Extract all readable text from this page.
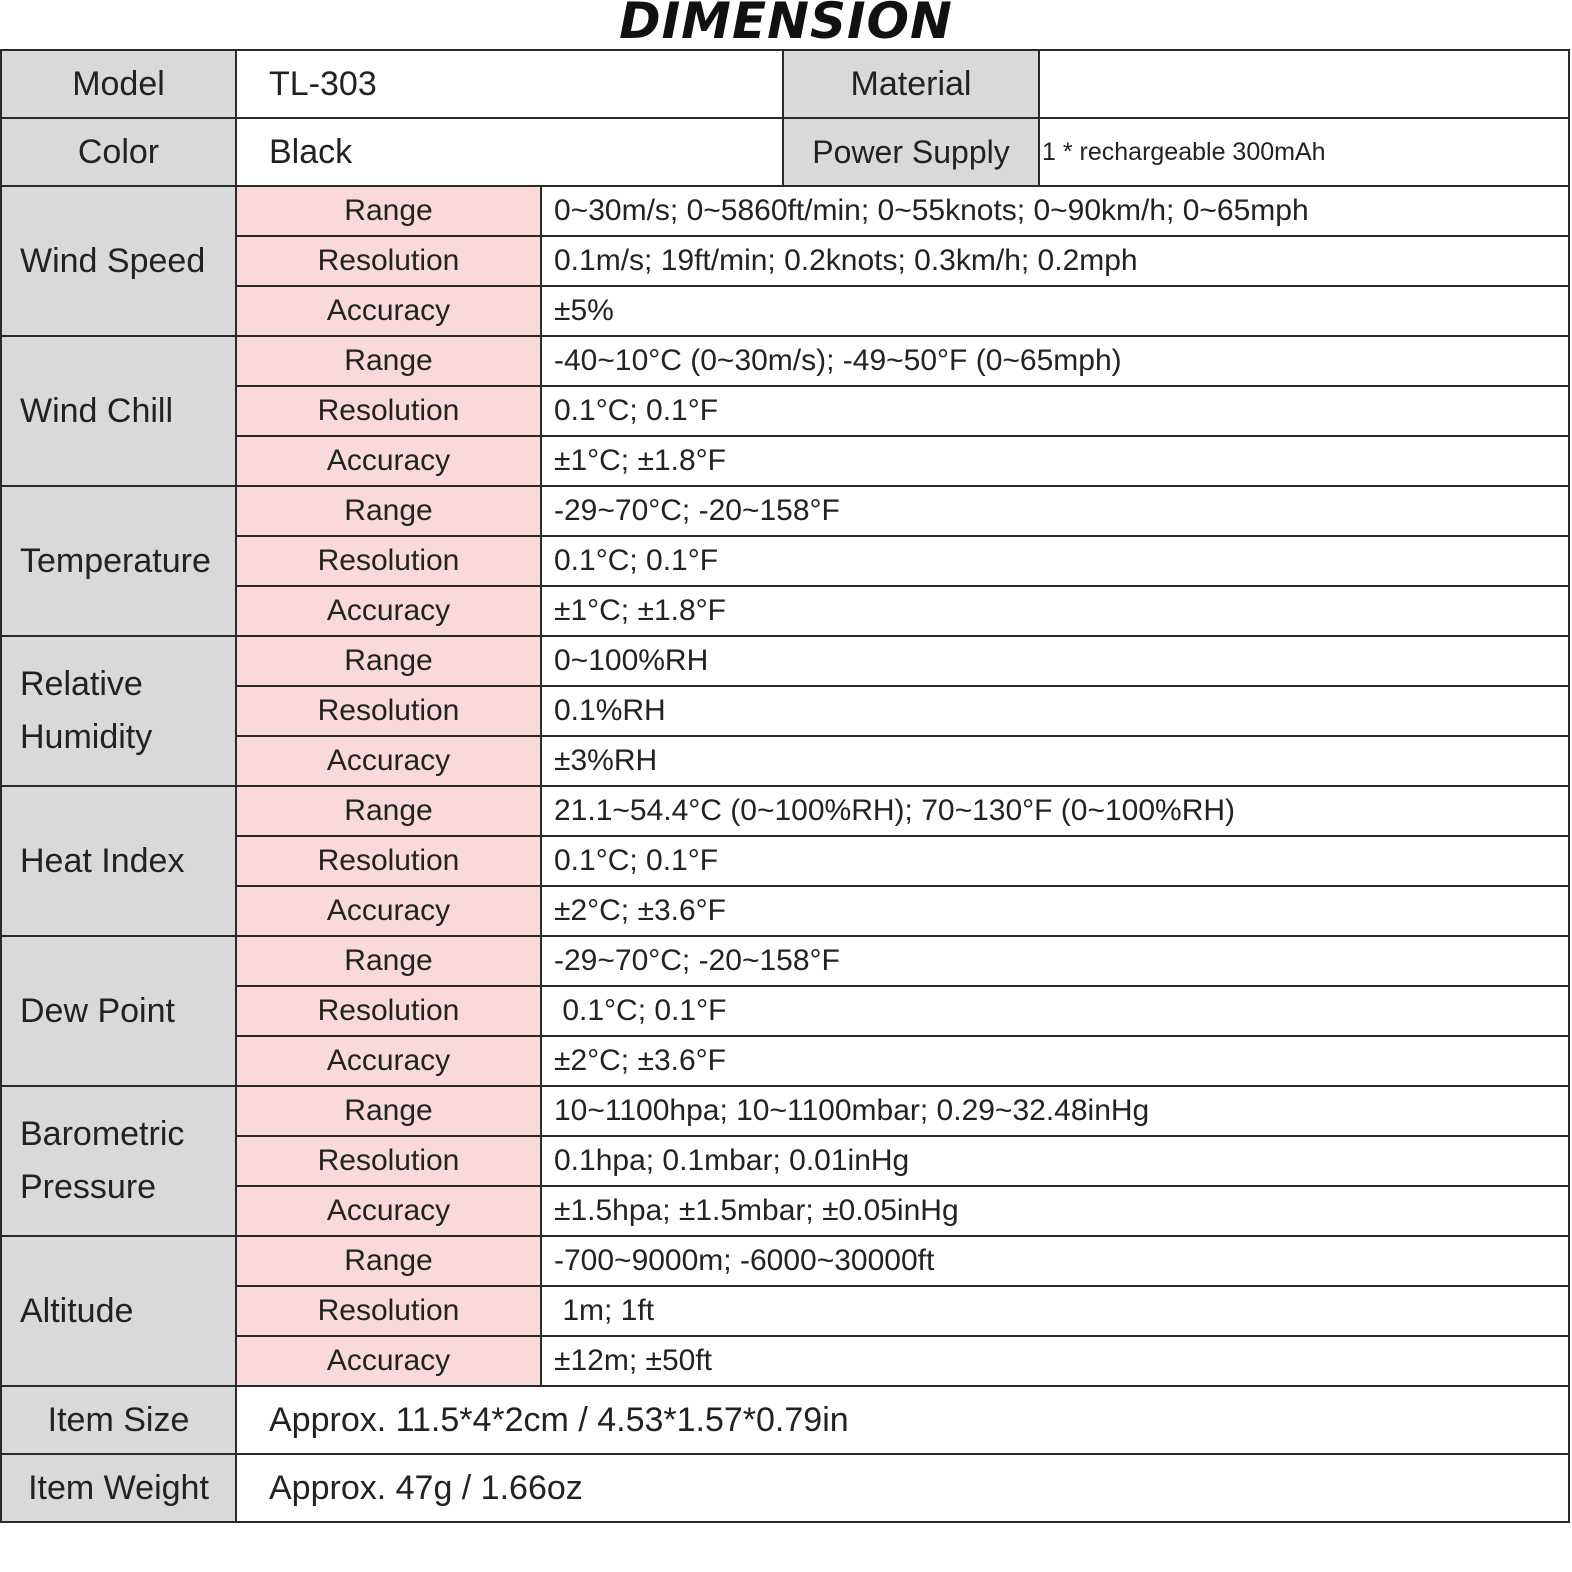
DIMENSION
Model	TL-303		Material	
Color	Black		Power Supply	1 * rechargeable 300mAh
Wind Speed	Range	0~30m/s; 0~5860ft/min; 0~55knots; 0~90km/h; 0~65mph		
	Resolution	0.1m/s; 19ft/min; 0.2knots; 0.3km/h; 0.2mph		
	Accuracy	±5%		
Wind Chill	Range	-40~10°C (0~30m/s); -49~50°F (0~65mph)		
	Resolution	0.1°C; 0.1°F		
	Accuracy	±1°C; ±1.8°F		
Temperature	Range	-29~70°C; -20~158°F		
	Resolution	0.1°C; 0.1°F		
	Accuracy	±1°C; ±1.8°F		
Relative Humidity	Range	0~100%RH		
	Resolution	0.1%RH		
	Accuracy	±3%RH		
Heat Index	Range	21.1~54.4°C (0~100%RH); 70~130°F (0~100%RH)		
	Resolution	0.1°C; 0.1°F		
	Accuracy	±2°C; ±3.6°F		
Dew Point	Range	-29~70°C; -20~158°F		
	Resolution	0.1°C; 0.1°F		
	Accuracy	±2°C; ±3.6°F		
Barometric Pressure	Range	10~1100hpa; 10~1100mbar; 0.29~32.48inHg		
	Resolution	0.1hpa; 0.1mbar; 0.01inHg		
	Accuracy	±1.5hpa; ±1.5mbar; ±0.05inHg		
Altitude	Range	-700~9000m; -6000~30000ft		
	Resolution	1m; 1ft		
	Accuracy	±12m; ±50ft		
Item Size	Approx. 11.5*4*2cm / 4.53*1.57*0.79in			
Item Weight	Approx. 47g / 1.66oz			
